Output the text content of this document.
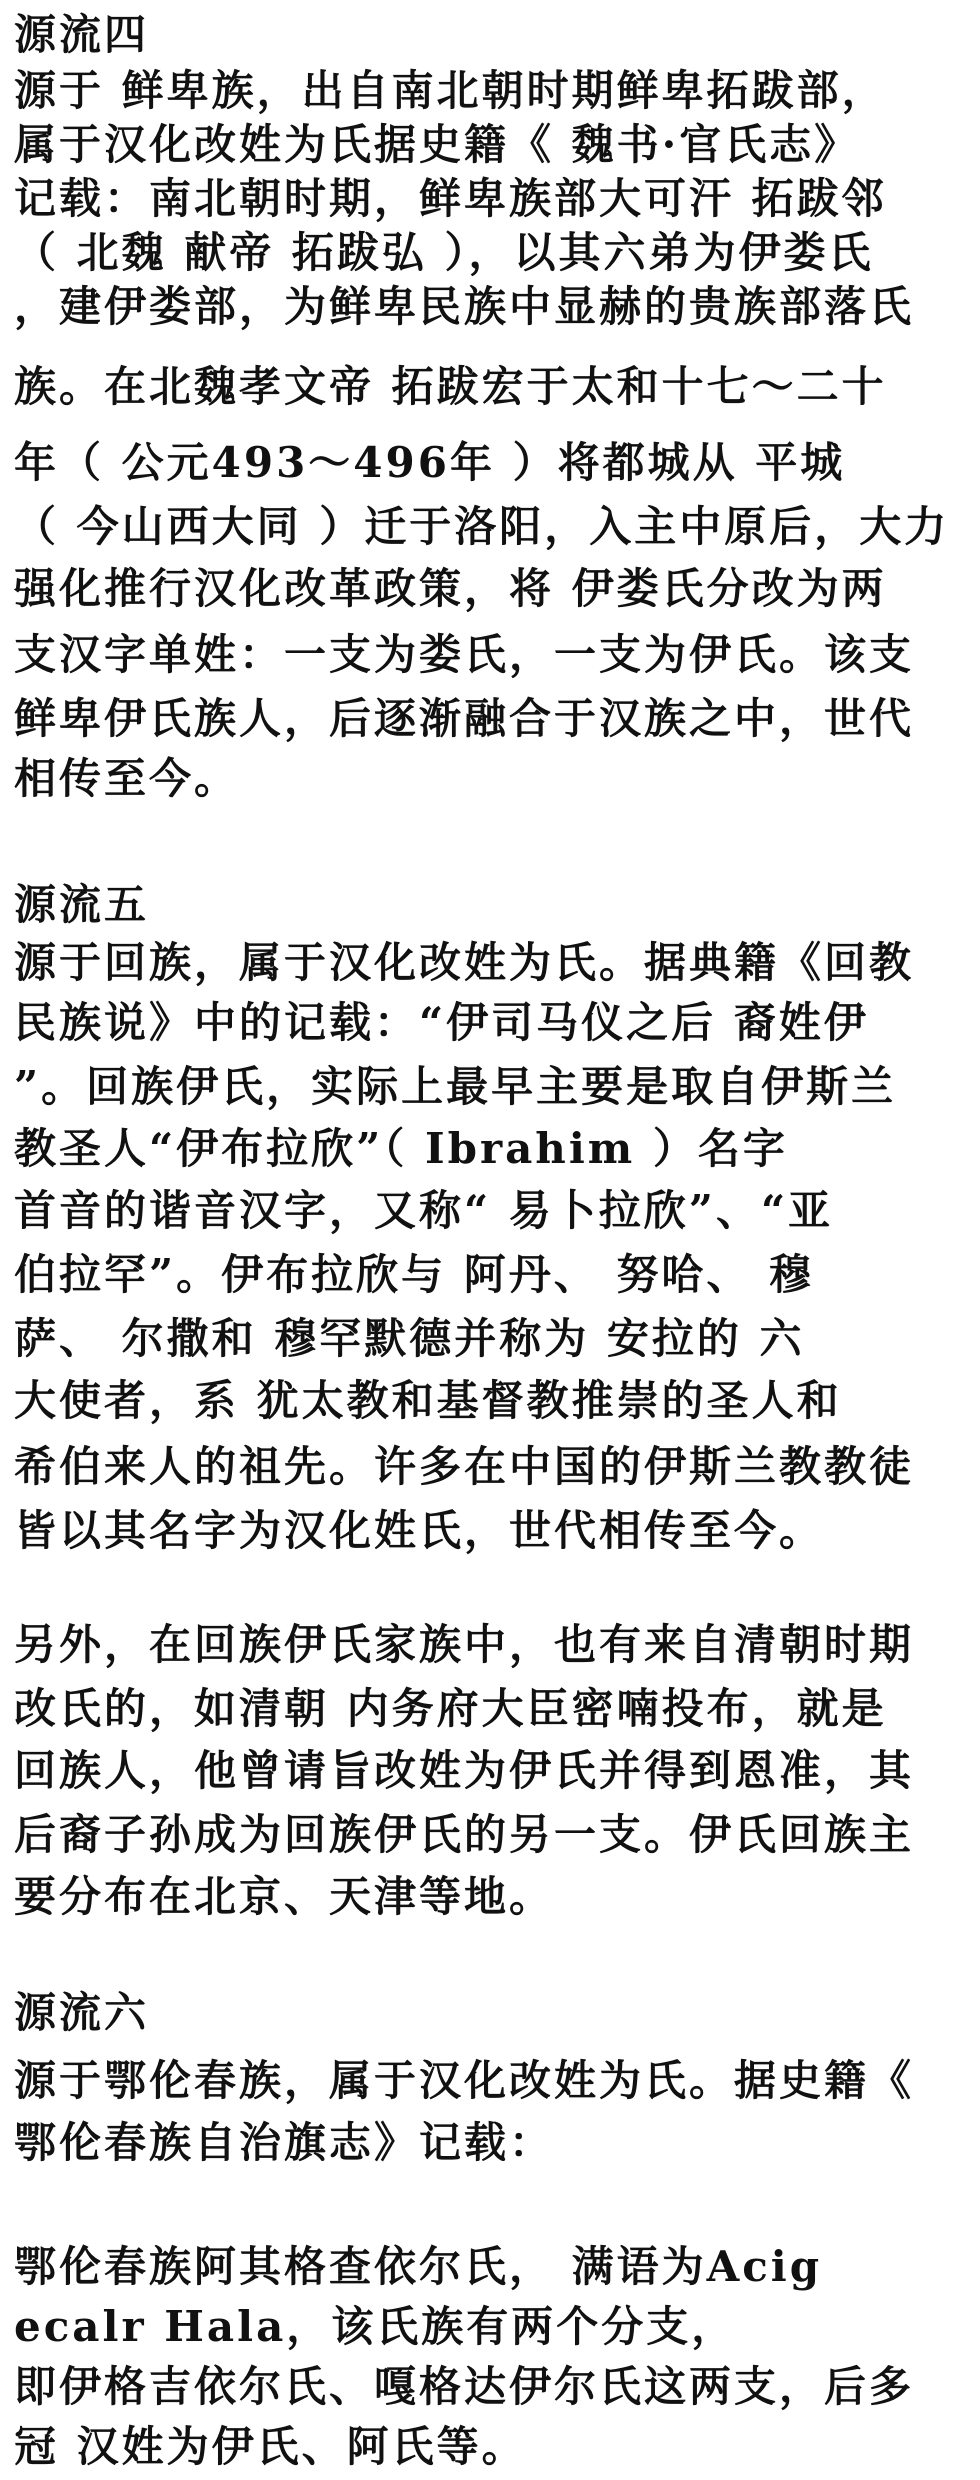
源流四
源于 鲜卑族，出自南北朝时期鲜卑拓跋部，
属于汉化改姓为氏据史籍《 魏书·官氏志》
记载：南北朝时期，鲜卑族部大可汗 拓跋邻
（ 北魏 献帝 拓跋弘 ），以其六弟为伊娄氏
，建伊娄部，为鲜卑民族中显赫的贵族部落氏
族。在北魏孝文帝 拓跋宏于太和十七～二十
年（ 公元493～496年 ）将都城从 平城
（ 今山西大同 ）迁于洛阳，入主中原后，大力
强化推行汉化改革政策，将 伊娄氏分改为两
支汉字单姓：一支为娄氏，一支为伊氏。该支
鲜卑伊氏族人，后逐渐融合于汉族之中，世代
相传至今。
源流五
源于回族，属于汉化改姓为氏。据典籍《回教
民族说》中的记载：“伊司马仪之后 裔姓伊
”。回族伊氏，实际上最早主要是取自伊斯兰
教圣人“伊布拉欣”（ Ibrahim ）名字
首音的谐音汉字，又称“ 易卜拉欣”、“亚
伯拉罕”。伊布拉欣与 阿丹、 努哈、 穆
萨、 尔撒和 穆罕默德并称为 安拉的 六
大使者，系 犹太教和基督教推崇的圣人和
希伯来人的祖先。许多在中国的伊斯兰教教徒
皆以其名字为汉化姓氏，世代相传至今。
另外，在回族伊氏家族中，也有来自清朝时期
改氏的，如清朝 内务府大臣密喃投布，就是
回族人，他曾请旨改姓为伊氏并得到恩准，其
后裔子孙成为回族伊氏的另一支。伊氏回族主
要分布在北京、天津等地。
源流六
源于鄂伦春族，属于汉化改姓为氏。据史籍《
鄂伦春族自治旗志》记载：
鄂伦春族阿其格查依尔氏， 满语为Acig
ecalr Hala，该氏族有两个分支，
即伊格吉依尔氏、嘎格达伊尔氏这两支，后多
冠 汉姓为伊氏、阿氏等。
